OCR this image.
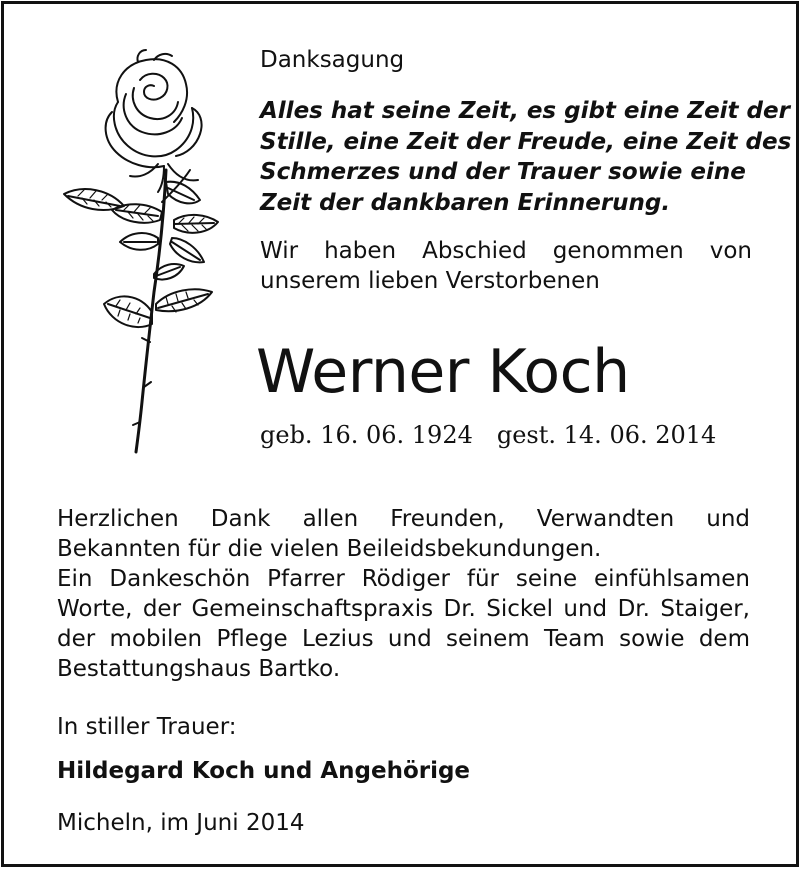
Danksagung
Alles hat seine Zeit, es gibt eine Zeit der
Stille, eine Zeit der Freude, eine Zeit des
Schmerzes und der Trauer sowie eine
Zeit der dankbaren Erinnerung.
Wir haben Abschied genommen von
unserem lieben Verstorbenen
Werner Koch
geb. 16. 06. 1924 gest. 14. 06. 2014
Herzlichen Dank allen Freunden, Verwandten und
Bekannten für die vielen Beileidsbekundungen.
Ein Dankeschön Pfarrer Rödiger für seine einfühlsamen
Worte, der Gemeinschaftspraxis Dr. Sickel und Dr. Staiger,
der mobilen Pflege Lezius und seinem Team sowie dem
Bestattungshaus Bartko.
In stiller Trauer:
Hildegard Koch und Angehörige
Micheln, im Juni 2014
